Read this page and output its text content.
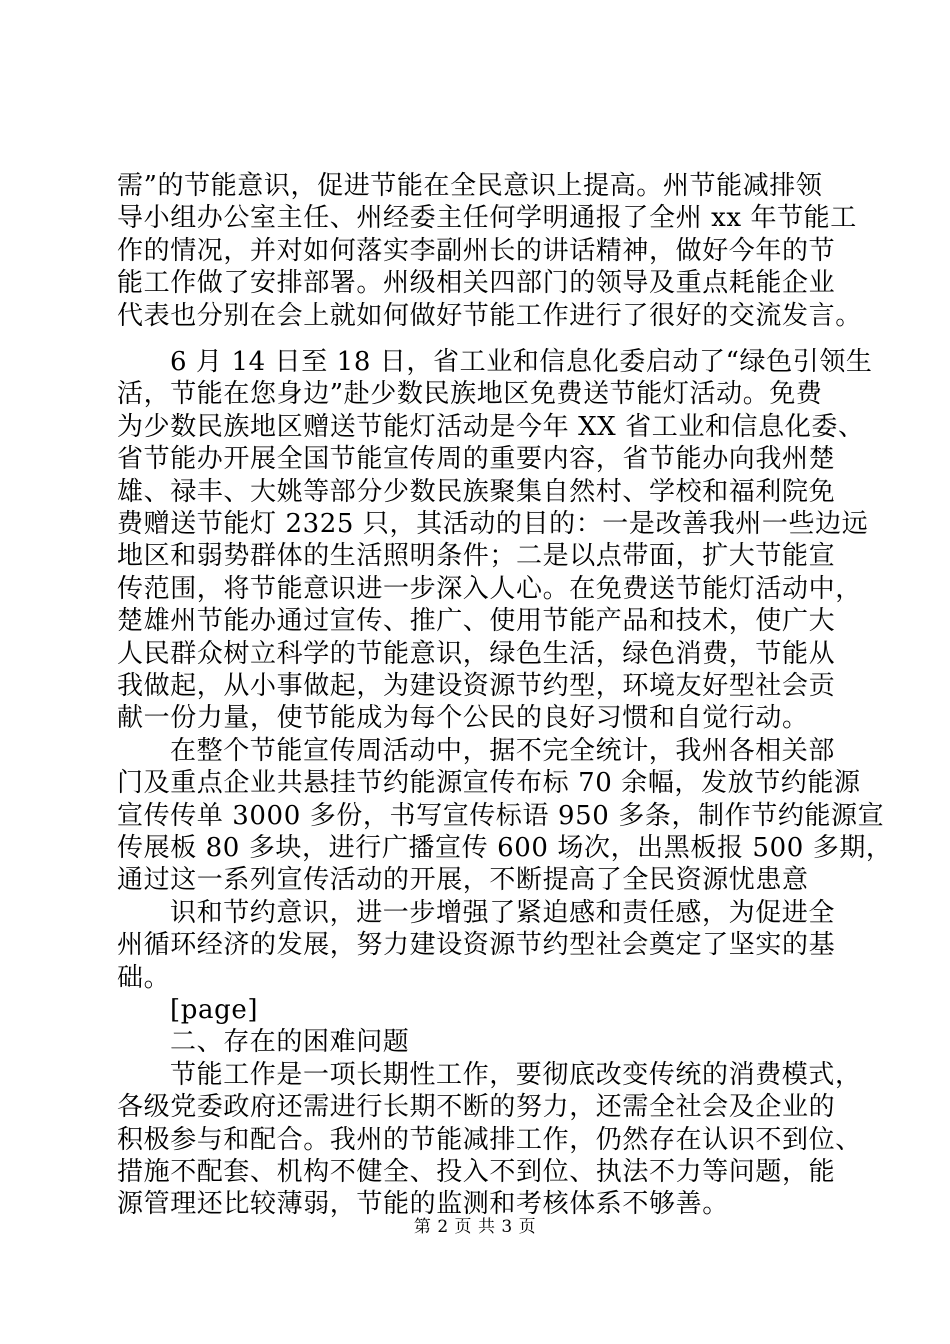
需”的节能意识，促进节能在全民意识上提高。州节能减排领
导小组办公室主任、州经委主任何学明通报了全州 xx 年节能工
作的情况，并对如何落实李副州长的讲话精神，做好今年的节
能工作做了安排部署。州级相关四部门的领导及重点耗能企业
代表也分别在会上就如何做好节能工作进行了很好的交流发言。
6 月 14 日至 18 日，省工业和信息化委启动了“绿色引领生
活，节能在您身边”赴少数民族地区免费送节能灯活动。免费
为少数民族地区赠送节能灯活动是今年 XX 省工业和信息化委、
省节能办开展全国节能宣传周的重要内容，省节能办向我州楚
雄、禄丰、大姚等部分少数民族聚集自然村、学校和福利院免
费赠送节能灯 2325 只，其活动的目的：一是改善我州一些边远
地区和弱势群体的生活照明条件；二是以点带面，扩大节能宣
传范围，将节能意识进一步深入人心。在免费送节能灯活动中，
楚雄州节能办通过宣传、推广、使用节能产品和技术，使广大
人民群众树立科学的节能意识，绿色生活，绿色消费，节能从
我做起，从小事做起，为建设资源节约型，环境友好型社会贡
献一份力量，使节能成为每个公民的良好习惯和自觉行动。
在整个节能宣传周活动中，据不完全统计，我州各相关部
门及重点企业共悬挂节约能源宣传布标 70 余幅，发放节约能源
宣传传单 3000 多份，书写宣传标语 950 多条，制作节约能源宣
传展板 80 多块，进行广播宣传 600 场次，出黑板报 500 多期，
通过这一系列宣传活动的开展，不断提高了全民资源忧患意
识和节约意识，进一步增强了紧迫感和责任感，为促进全
州循环经济的发展，努力建设资源节约型社会奠定了坚实的基
础。
[page]
二、存在的困难问题
节能工作是一项长期性工作，要彻底改变传统的消费模式，
各级党委政府还需进行长期不断的努力，还需全社会及企业的
积极参与和配合。我州的节能减排工作，仍然存在认识不到位、
措施不配套、机构不健全、投入不到位、执法不力等问题，能
源管理还比较薄弱，节能的监测和考核体系不够善。
第 2 页 共 3 页
